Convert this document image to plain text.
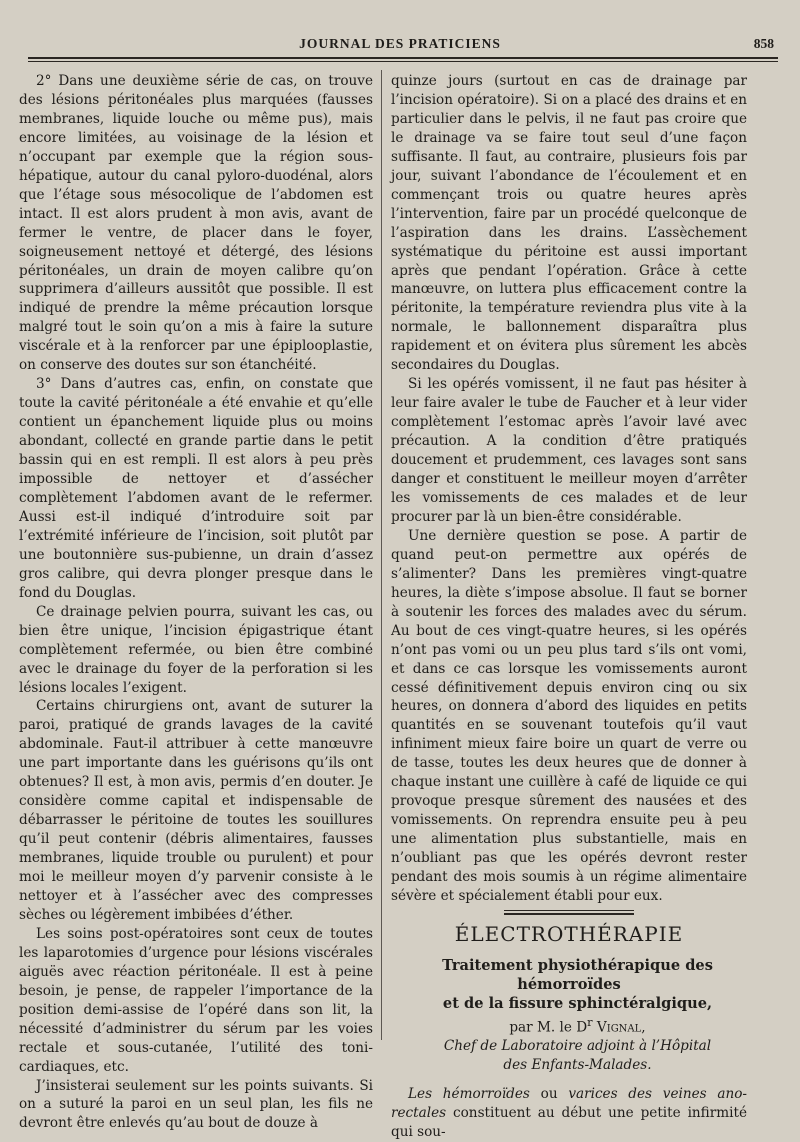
JOURNAL DES PRATICIENS	858

2° Dans une deuxième série de cas, on trouve des lésions péritonéales plus marquées (fausses membranes, liquide louche ou même pus), mais encore limitées, au voisinage de la lésion et n’occupant par exemple que la région sous-hépatique, autour du canal pyloro-duodénal, alors que l’étage sous mésocolique de l’abdomen est intact. Il est alors prudent à mon avis, avant de fermer le ventre, de placer dans le foyer, soigneusement nettoyé et détergé, des lésions péritonéales, un drain de moyen calibre qu’on supprimera d’ailleurs aussitôt que possible. Il est indiqué de prendre la même précaution lorsque malgré tout le soin qu’on a mis à faire la suture viscérale et à la renforcer par une épiplooplastie, on conserve des doutes sur son étanchéité.

3° Dans d’autres cas, enfin, on constate que toute la cavité péritonéale a été envahie et qu’elle contient un épanchement liquide plus ou moins abondant, collecté en grande partie dans le petit bassin qui en est rempli. Il est alors à peu près impossible de nettoyer et d’assécher complètement l’abdomen avant de le refermer. Aussi est-il indiqué d’introduire soit par l’extrémité inférieure de l’incision, soit plutôt par une boutonnière sus-pubienne, un drain d’assez gros calibre, qui devra plonger presque dans le fond du Douglas.

Ce drainage pelvien pourra, suivant les cas, ou bien être unique, l’incision épigastrique étant complètement refermée, ou bien être combiné avec le drainage du foyer de la perforation si les lésions locales l’exigent.

Certains chirurgiens ont, avant de suturer la paroi, pratiqué de grands lavages de la cavité abdominale. Faut-il attribuer à cette manœuvre une part importante dans les guérisons qu’ils ont obtenues? Il est, à mon avis, permis d’en douter. Je considère comme capital et indispensable de débarrasser le péritoine de toutes les souillures qu’il peut contenir (débris alimentaires, fausses membranes, liquide trouble ou purulent) et pour moi le meilleur moyen d’y parvenir consiste à le nettoyer et à l’assécher avec des compresses sèches ou légèrement imbibées d’éther.

Les soins post-opératoires sont ceux de toutes les laparotomies d’urgence pour lésions viscérales aiguës avec réaction péritonéale. Il est à peine besoin, je pense, de rappeler l’importance de la position demi-assise de l’opéré dans son lit, la nécessité d’administrer du sérum par les voies rectale et sous-cutanée, l’utilité des toni-cardiaques, etc.

J’insisterai seulement sur les points suivants. Si on a suturé la paroi en un seul plan, les fils ne devront être enlevés qu’au bout de douze à

quinze jours (surtout en cas de drainage par l’incision opératoire). Si on a placé des drains et en particulier dans le pelvis, il ne faut pas croire que le drainage va se faire tout seul d’une façon suffisante. Il faut, au contraire, plusieurs fois par jour, suivant l’abondance de l’écoulement et en commençant trois ou quatre heures après l’intervention, faire par un procédé quelconque de l’aspiration dans les drains. L’assèchement systématique du péritoine est aussi important après que pendant l’opération. Grâce à cette manœuvre, on luttera plus efficacement contre la péritonite, la température reviendra plus vite à la normale, le ballonnement disparaîtra plus rapidement et on évitera plus sûrement les abcès secondaires du Douglas.

Si les opérés vomissent, il ne faut pas hésiter à leur faire avaler le tube de Faucher et à leur vider complètement l’estomac après l’avoir lavé avec précaution. A la condition d’être pratiqués doucement et prudemment, ces lavages sont sans danger et constituent le meilleur moyen d’arrêter les vomissements de ces malades et de leur procurer par là un bien-être considérable.

Une dernière question se pose. A partir de quand peut-on permettre aux opérés de s’alimenter? Dans les premières vingt-quatre heures, la diète s’impose absolue. Il faut se borner à soutenir les forces des malades avec du sérum. Au bout de ces vingt-quatre heures, si les opérés n’ont pas vomi ou un peu plus tard s’ils ont vomi, et dans ce cas lorsque les vomissements auront cessé définitivement depuis environ cinq ou six heures, on donnera d’abord des liquides en petits quantités en se souvenant toutefois qu’il vaut infiniment mieux faire boire un quart de verre ou de tasse, toutes les deux heures que de donner à chaque instant une cuillère à café de liquide ce qui provoque presque sûrement des nausées et des vomissements. On reprendra ensuite peu à peu une alimentation plus substantielle, mais en n’oubliant pas que les opérés devront rester pendant des mois soumis à un régime alimentaire sévère et spécialement établi pour eux.

ÉLECTROTHÉRAPIE

Traitement physiothérapique des hémorroïdes

et de la fissure sphinctéralgique,

par M. le $D^r$ Vignal,

Chef de Laboratoire adjoint à l’Hôpital

des Enfants-Malades.

Les hémorroïdes ou varices des veines ano-rectales constituent au début une petite infirmité qui sou-
